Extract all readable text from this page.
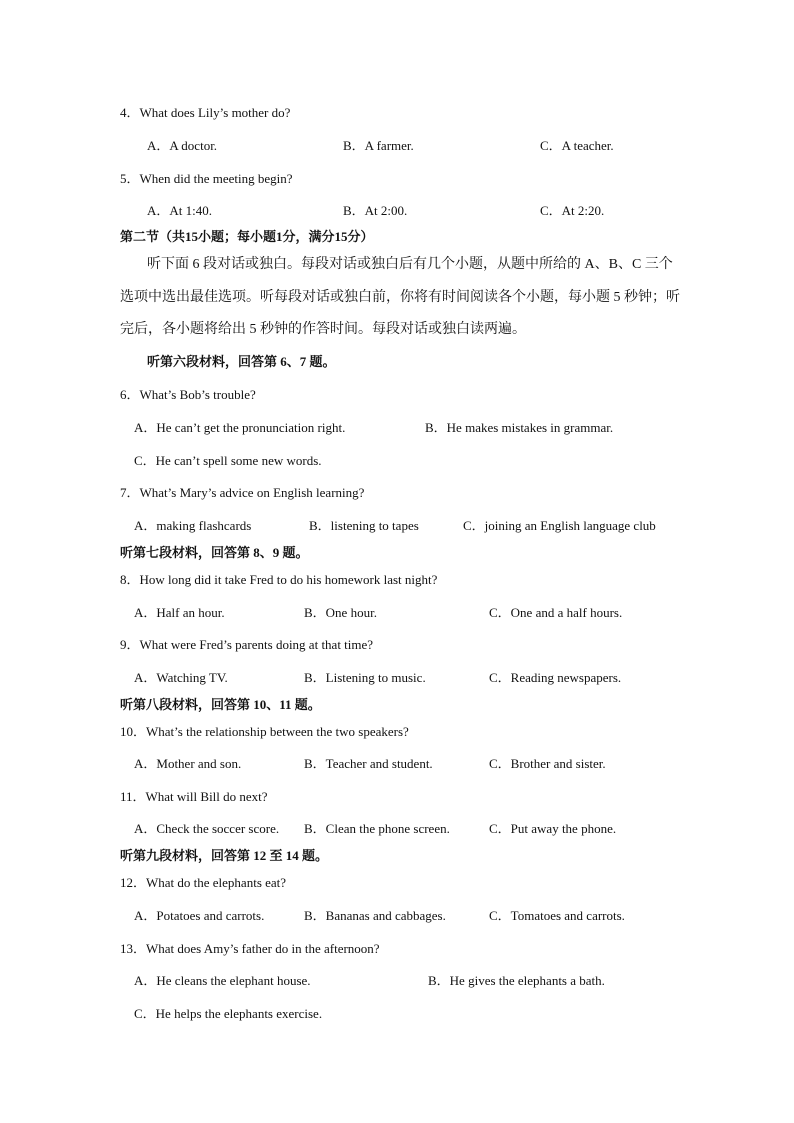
4．What does Lily’s mother do?
A．A doctor.	B．A farmer.	C．A teacher.
5．When did the meeting begin?
A．At 1:40.	B．At 2:00.	C．At 2:20.
第二节（共15小题；每小题1分，满分15分）
听下面 6 段对话或独白。每段对话或独白后有几个小题，从题中所给的 A、B、C 三个
选项中选出最佳选项。听每段对话或独白前，你将有时间阅读各个小题，每小题 5 秒钟；听
完后，各小题将给出 5 秒钟的作答时间。每段对话或独白读两遍。
听第六段材料，回答第 6、7 题。
6．What’s Bob’s trouble?
A．He can’t get the pronunciation right.	B．He makes mistakes in grammar.
C．He can’t spell some new words.
7．What’s Mary’s advice on English learning?
A．making flashcards	B．listening to tapes	C．joining an English language club
听第七段材料，回答第 8、9 题。
8．How long did it take Fred to do his homework last night?
A．Half an hour.	B．One hour.	C．One and a half hours.
9．What were Fred’s parents doing at that time?
A．Watching TV.	B．Listening to music.	C．Reading newspapers.
听第八段材料，回答第 10、11 题。
10．What’s the relationship between the two speakers?
A．Mother and son.	B．Teacher and student.	C．Brother and sister.
11．What will Bill do next?
A．Check the soccer score. B．Clean the phone screen.	C．Put away the phone.
听第九段材料，回答第 12 至 14 题。
12．What do the elephants eat?
A．Potatoes and carrots.	B．Bananas and cabbages.	C．Tomatoes and carrots.
13．What does Amy’s father do in the afternoon?
A．He cleans the elephant house.	B．He gives the elephants a bath.
C．He helps the elephants exercise.
